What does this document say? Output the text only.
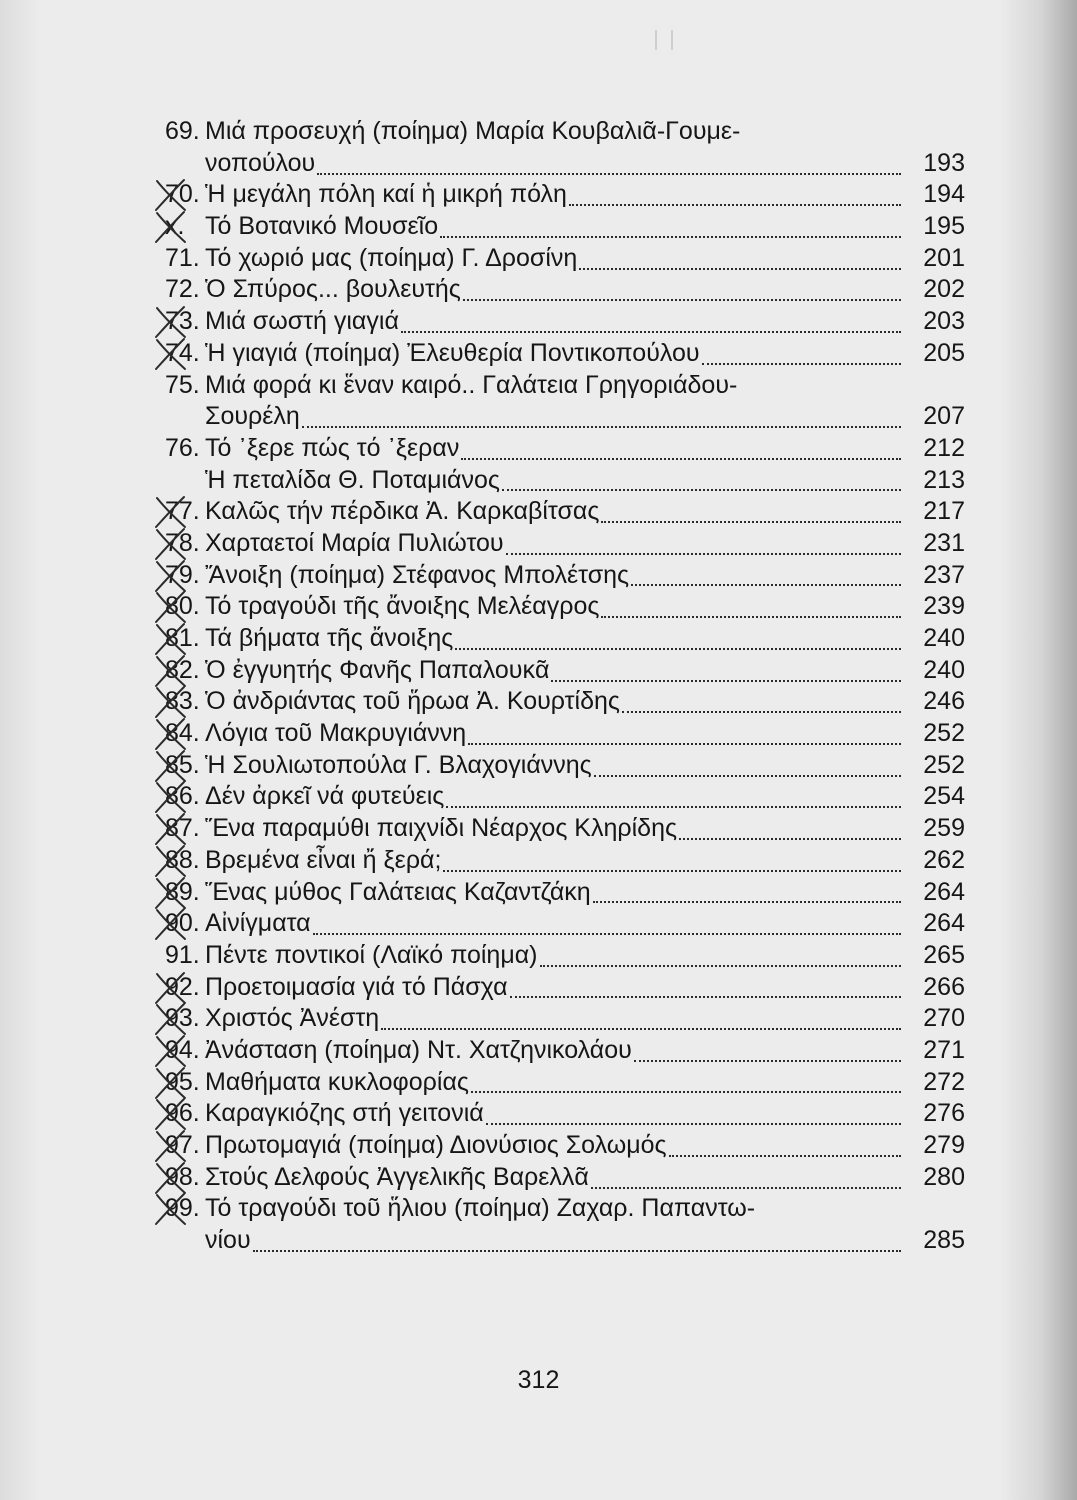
69. Μιά προσευχή (ποίημα) Μαρία Κουβαλιᾶ-Γουμε-
νοπούλου	193
70. Ἡ μεγάλη πόλη καί ἡ μικρή πόλη	194
x. Τό Βοτανικό Μουσεῖο	195
71. Τό χωριό μας (ποίημα) Γ. Δροσίνη	201
72. Ὁ Σπύρος... βουλευτής	202
73. Μιά σωστή γιαγιά	203
74. Ἡ γιαγιά (ποίημα) Ἐλευθερία Ποντικοπούλου	205
75. Μιά φορά κι ἕναν καιρό.. Γαλάτεια Γρηγοριάδου-
Σουρέλη	207
76. Τό ᾽ξερε πώς τό ᾽ξεραν	212
Ἡ πεταλίδα Θ. Ποταμιάνος	213
77. Καλῶς τήν πέρδικα Ἀ. Καρκαβίτσας	217
78. Χαρταετοί Μαρία Πυλιώτου	231
79. Ἄνοιξη (ποίημα) Στέφανος Μπολέτσης	237
80. Τό τραγούδι τῆς ἄνοιξης Μελέαγρος	239
81. Τά βήματα τῆς ἄνοιξης	240
82. Ὁ ἐγγυητής Φανῆς Παπαλουκᾶ	240
83. Ὁ ἀνδριάντας τοῦ ἥρωα Ἀ. Κουρτίδης	246
84. Λόγια τοῦ Μακρυγιάννη	252
85. Ἡ Σουλιωτοπούλα Γ. Βλαχογιάννης	252
86. Δέν ἀρκεῖ νά φυτεύεις	254
87. Ἕνα παραμύθι παιχνίδι Νέαρχος Κληρίδης	259
88. Βρεμένα εἶναι ἤ ξερά;	262
89. Ἕνας μύθος Γαλάτειας Καζαντζάκη	264
90. Αἰνίγματα	264
91. Πέντε ποντικοί (Λαϊκό ποίημα)	265
92. Προετοιμασία γιά τό Πάσχα	266
93. Χριστός Ἀνέστη	270
94. Ἀνάσταση (ποίημα) Ντ. Χατζηνικολάου	271
95. Μαθήματα κυκλοφορίας	272
96. Καραγκιόζης στή γειτονιά	276
97. Πρωτομαγιά (ποίημα) Διονύσιος Σολωμός	279
98. Στούς Δελφούς Ἀγγελικῆς Βαρελλᾶ	280
99. Τό τραγούδι τοῦ ἥλιου (ποίημα) Ζαχαρ. Παπαντω-
νίου	285
312
